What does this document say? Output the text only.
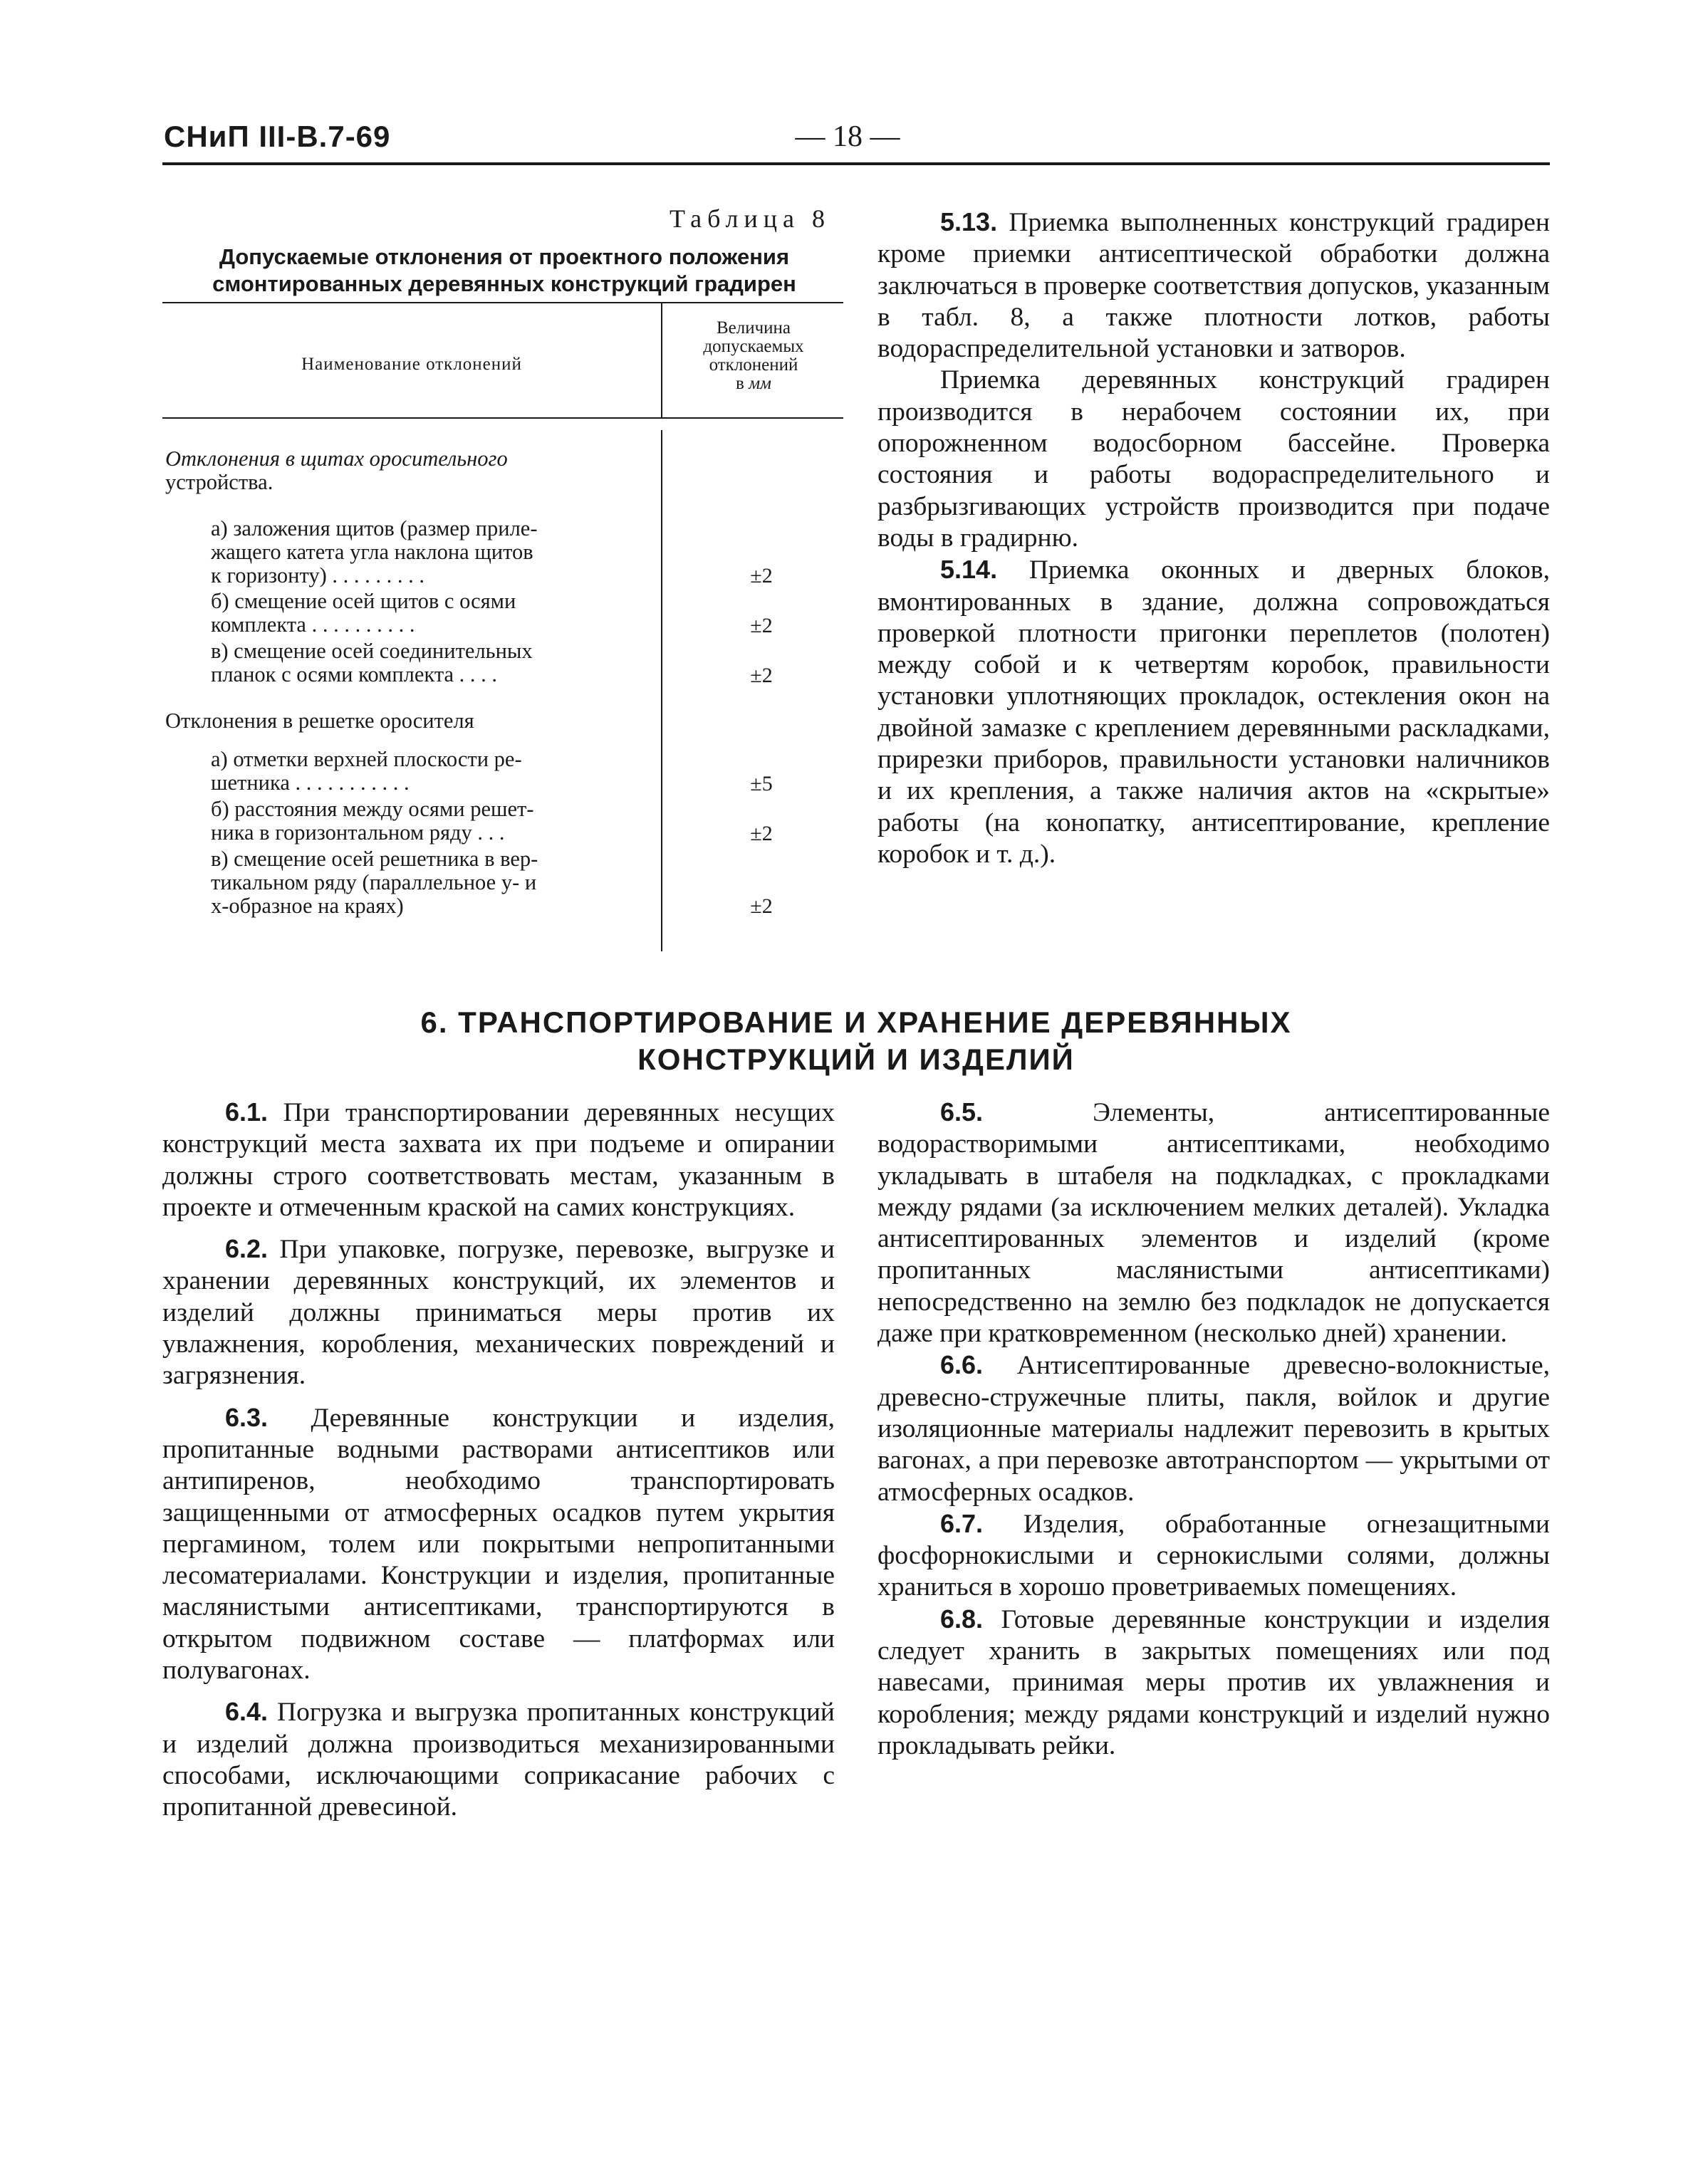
СНиП III-В.7-69	— 18 —
Таблица 8
Допускаемые отклонения от проектного положения
смонтированных деревянных конструкций градирен
Наименование отклонений
Величина
допускаемых
отклонений
в мм
Отклонения в щитах оросительного
устройства.
а) заложения щитов (размер приле-
жащего катета угла наклона щитов
к горизонту) . . . . . . . . .	±2
б) смещение осей щитов с осями
комплекта . . . . . . . . . .	±2
в) смещение осей соединительных
планок с осями комплекта . . . .	±2
Отклонения в решетке оросителя
а) отметки верхней плоскости ре-
шетника . . . . . . . . . . .	±5
б) расстояния между осями решет-
ника в горизонтальном ряду . . .	±2
в) смещение осей решетника в вер-
тикальном ряду (параллельное у- и
х-образное на краях)	±2

5.13. Приемка выполненных конструкций градирен кроме приемки антисептической обработки должна заключаться в проверке соответствия допусков, указанным в табл. 8, а также плотности лотков, работы водораспределительной установки и затворов.

Приемка деревянных конструкций градирен производится в нерабочем состоянии их, при опорожненном водосборном бассейне. Проверка состояния и работы водораспределительного и разбрызгивающих устройств производится при подаче воды в градирню.

5.14. Приемка оконных и дверных блоков, вмонтированных в здание, должна сопровождаться проверкой плотности пригонки переплетов (полотен) между собой и к четвертям коробок, правильности установки уплотняющих прокладок, остекления окон на двойной замазке с креплением деревянными раскладками, прирезки приборов, правильности установки наличников и их крепления, а также наличия актов на «скрытые» работы (на конопатку, антисептирование, крепление коробок и т. д.).

6. ТРАНСПОРТИРОВАНИЕ И ХРАНЕНИЕ ДЕРЕВЯННЫХ
КОНСТРУКЦИЙ И ИЗДЕЛИЙ

6.1. При транспортировании деревянных несущих конструкций места захвата их при подъеме и опирании должны строго соответствовать местам, указанным в проекте и отмеченным краской на самих конструкциях.

6.2. При упаковке, погрузке, перевозке, выгрузке и хранении деревянных конструкций, их элементов и изделий должны приниматься меры против их увлажнения, коробления, механических повреждений и загрязнения.

6.3. Деревянные конструкции и изделия, пропитанные водными растворами антисептиков или антипиренов, необходимо транспортировать защищенными от атмосферных осадков путем укрытия пергамином, толем или покрытыми непропитанными лесоматериалами. Конструкции и изделия, пропитанные маслянистыми антисептиками, транспортируются в открытом подвижном составе — платформах или полувагонах.

6.4. Погрузка и выгрузка пропитанных конструкций и изделий должна производиться механизированными способами, исключающими соприкасание рабочих с пропитанной древесиной.

6.5.	Элементы, антисептированные водорастворимыми антисептиками, необходимо укладывать в штабеля на подкладках, с прокладками между рядами (за исключением мелких деталей). Укладка антисептированных элементов и изделий (кроме пропитанных маслянистыми антисептиками) непосредственно на землю без подкладок не допускается даже при кратковременном (несколько дней) хранении.

6.6. Антисептированные древесно-волокнистые, древесно-стружечные плиты, пакля, войлок и другие изоляционные материалы надлежит перевозить в крытых вагонах, а при перевозке автотранспортом — укрытыми от атмосферных осадков.

6.7. Изделия, обработанные огнезащитными фосфорнокислыми и сернокислыми солями, должны храниться в хорошо проветриваемых помещениях.

6.8. Готовые деревянные конструкции и изделия следует хранить в закрытых помещениях или под навесами, принимая меры против их увлажнения и коробления; между рядами конструкций и изделий нужно прокладывать рейки.
